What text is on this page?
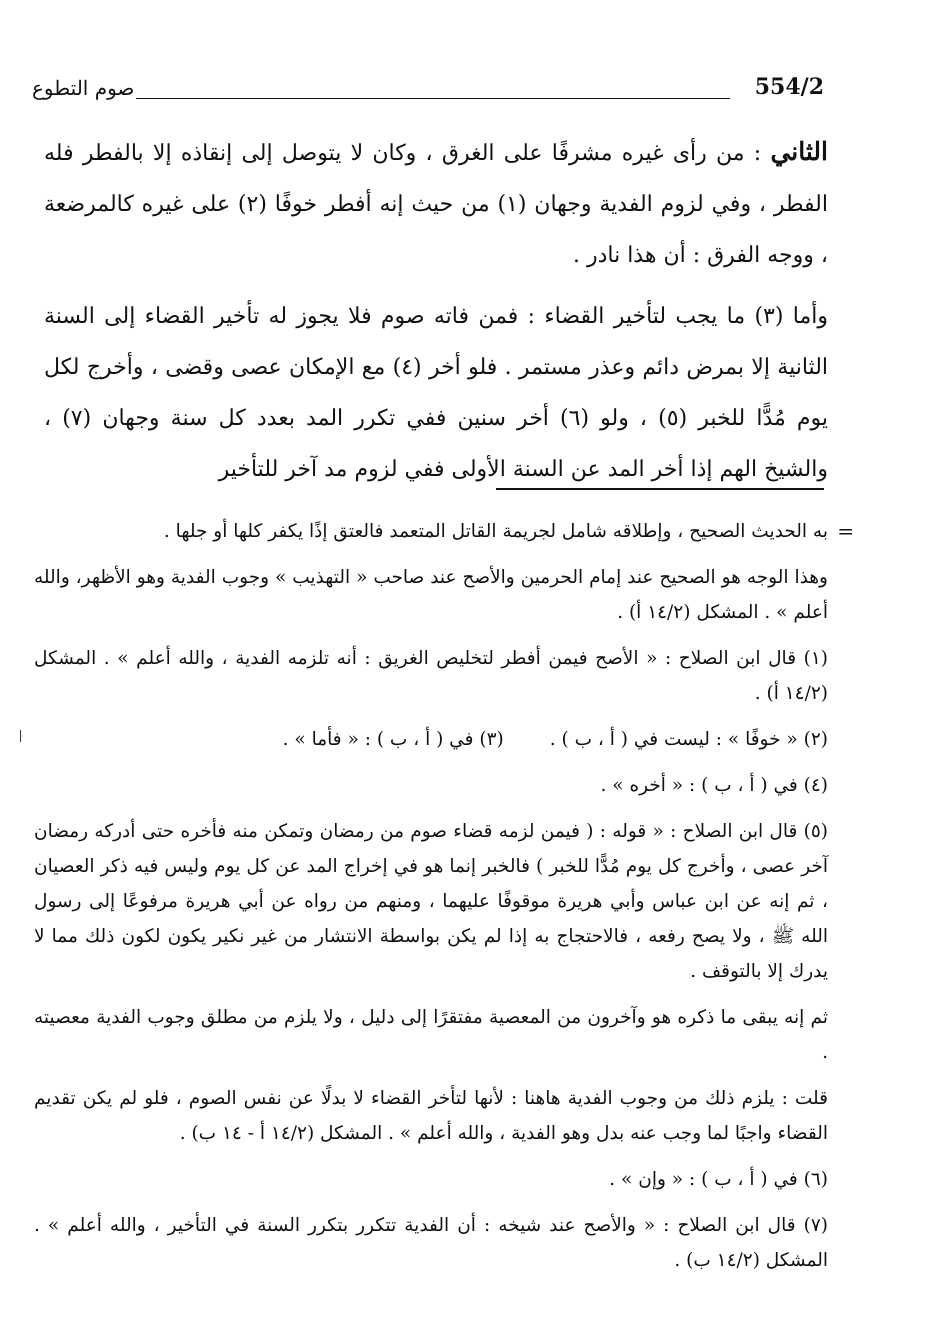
554/2
صوم التطوع

الثاني : من رأى غيره مشرفًا على الغرق ، وكان لا يتوصل إلى إنقاذه إلا بالفطر فله الفطر ، وفي لزوم الفدية وجهان (١) من حيث إنه أفطر خوفًا (٢) على غيره كالمرضعة ، ووجه الفرق : أن هذا نادر .

وأما (٣) ما يجب لتأخير القضاء : فمن فاته صوم فلا يجوز له تأخير القضاء إلى السنة الثانية إلا بمرض دائم وعذر مستمر . فلو أخر (٤) مع الإمكان عصى وقضى ، وأخرج لكل يوم مُدًّا للخبر (٥) ، ولو (٦) أخر سنين ففي تكرر المد بعدد كل سنة وجهان (٧) ، والشيخ الهم إذا أخر المد عن السنة الأولى ففي لزوم مد آخر للتأخير

=

به الحديث الصحيح ، وإطلاقه شامل لجريمة القاتل المتعمد فالعتق إذًا يكفر كلها أو جلها .

وهذا الوجه هو الصحيح عند إمام الحرمين والأصح عند صاحب « التهذيب » وجوب الفدية وهو الأظهر، والله أعلم » . المشكل (١٤/٢ أ) .

(١) قال ابن الصلاح : « الأصح فيمن أفطر لتخليص الغريق : أنه تلزمه الفدية ، والله أعلم » . المشكل (١٤/٢ أ) .

(٢) « خوفًا » : ليست في ( أ ، ب ) .
(٣) في ( أ ، ب ) : « فأما » .

(٤) في ( أ ، ب ) : « أخره » .

(٥) قال ابن الصلاح : « قوله : ( فيمن لزمه قضاء صوم من رمضان وتمكن منه فأخره حتى أدركه رمضان آخر عصى ، وأخرج كل يوم مُدًّا للخبر ) فالخبر إنما هو في إخراج المد عن كل يوم وليس فيه ذكر العصيان ، ثم إنه عن ابن عباس وأبي هريرة موقوفًا عليهما ، ومنهم من رواه عن أبي هريرة مرفوعًا إلى رسول الله ﷺ ، ولا يصح رفعه ، فالاحتجاج به إذا لم يكن بواسطة الانتشار من غير نكير يكون لكون ذلك مما لا يدرك إلا بالتوقف .

ثم إنه يبقى ما ذكره هو وآخرون من المعصية مفتقرًا إلى دليل ، ولا يلزم من مطلق وجوب الفدية معصيته .

قلت : يلزم ذلك من وجوب الفدية هاهنا : لأنها لتأخر القضاء لا بدلًا عن نفس الصوم ، فلو لم يكن تقديم القضاء واجبًا لما وجب عنه بدل وهو الفدية ، والله أعلم » . المشكل (١٤/٢ أ - ١٤ ب) .

(٦) في ( أ ، ب ) : « وإن » .

(٧) قال ابن الصلاح : « والأصح عند شيخه : أن الفدية تتكرر بتكرر السنة في التأخير ، والله أعلم » . المشكل (١٤/٢ ب) .
